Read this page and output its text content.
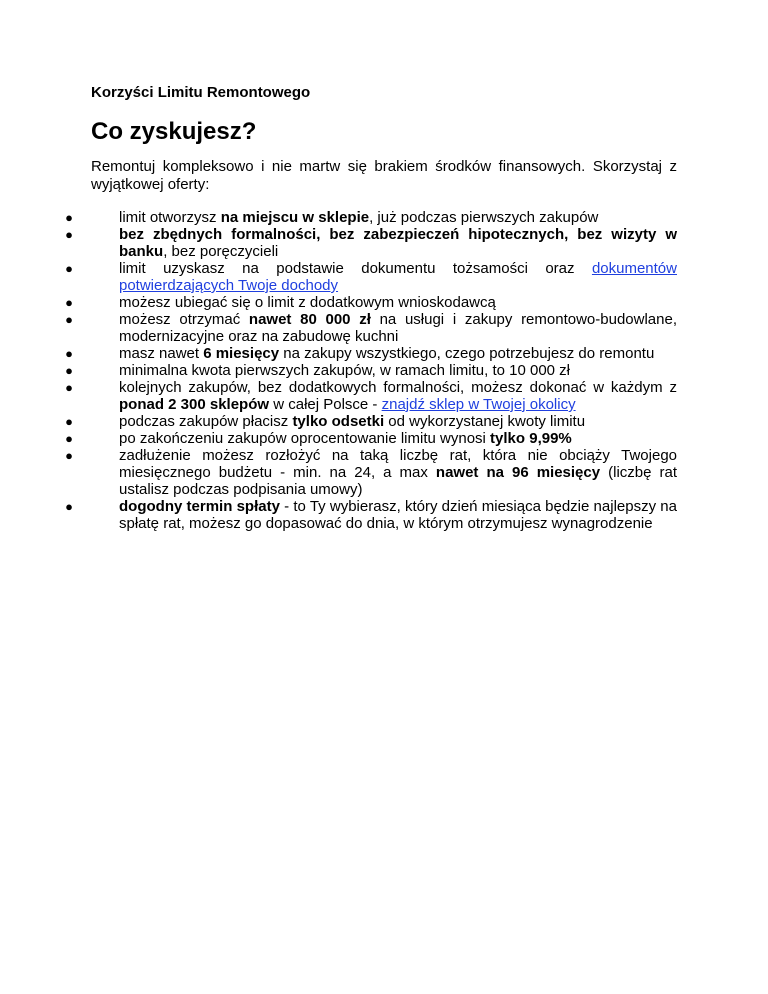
Korzyści Limitu Remontowego

Co zyskujesz?

Remontuj kompleksowo i nie martw się brakiem środków finansowych. Skorzystaj z wyjątkowej oferty:

●	limit otworzysz na miejscu w sklepie, już podczas pierwszych zakupów
●	bez zbędnych formalności, bez zabezpieczeń hipotecznych, bez wizyty w banku, bez poręczycieli
●	limit uzyskasz na podstawie dokumentu tożsamości oraz dokumentów potwierdzających Twoje dochody
●	możesz ubiegać się o limit z dodatkowym wnioskodawcą
●	możesz otrzymać nawet 80 000 zł na usługi i zakupy remontowo-budowlane, modernizacyjne oraz na zabudowę kuchni
●	masz nawet 6 miesięcy na zakupy wszystkiego, czego potrzebujesz do remontu
●	minimalna kwota pierwszych zakupów, w ramach limitu, to 10 000 zł
●	kolejnych zakupów, bez dodatkowych formalności, możesz dokonać w każdym z ponad 2 300 sklepów w całej Polsce - znajdź sklep w Twojej okolicy
●	podczas zakupów płacisz tylko odsetki od wykorzystanej kwoty limitu
●	po zakończeniu zakupów oprocentowanie limitu wynosi tylko 9,99%
●	zadłużenie możesz rozłożyć na taką liczbę rat, która nie obciąży Twojego miesięcznego budżetu - min. na 24, a max nawet na 96 miesięcy (liczbę rat ustalisz podczas podpisania umowy)
●	dogodny termin spłaty - to Ty wybierasz, który dzień miesiąca będzie najlepszy na spłatę rat, możesz go dopasować do dnia, w którym otrzymujesz wynagrodzenie
